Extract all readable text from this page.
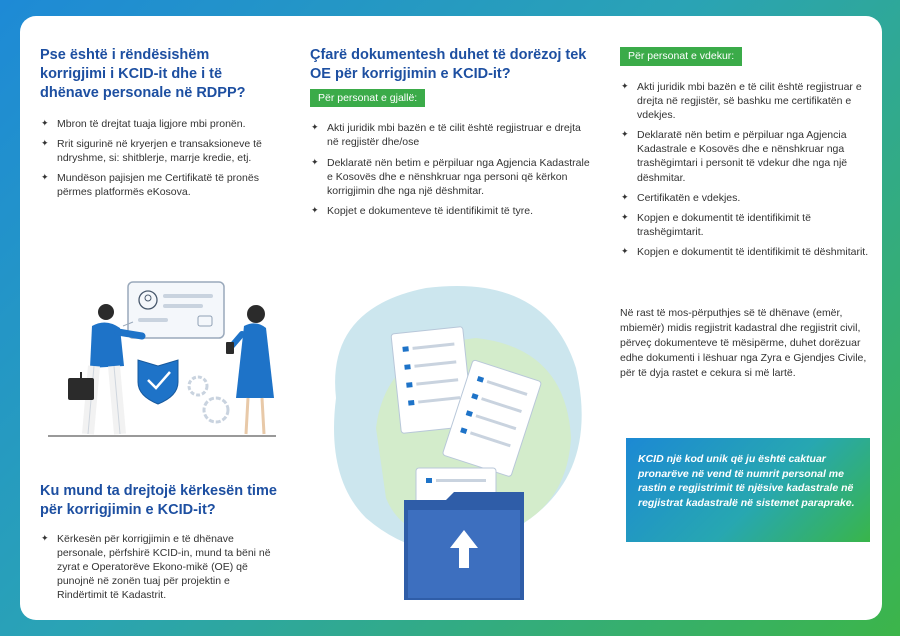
Pse është i rëndësishëm korrigjimi i KCID-it dhe i të dhënave personale në RDPP?
✦ Mbron të drejtat tuaja ligjore mbi pronën.
✦ Rrit sigurinë në kryerjen e transaksioneve të ndryshme, si: shitblerje, marrje kredie, etj.
✦ Mundëson pajisjen me Certifikatë të pronës përmes platformës eKosova.
Çfarë dokumentesh duhet të dorëzoj tek OE për korrigjimin e KCID-it?
Për personat e gjallë:
✦ Akti juridik mbi bazën e të cilit është regjistruar e drejta në regjistër dhe/ose
✦ Deklaratë nën betim e përpiluar nga Agjencia Kadastrale e Kosovës dhe e nënshkruar nga personi që kërkon korrigjimin dhe nga një dëshmitar.
✦ Kopjet e dokumenteve të identifikimit të tyre.
Për personat e vdekur:
✦ Akti juridik mbi bazën e të cilit është regjistruar e drejta në regjistër, së bashku me certifikatën e vdekjes.
✦ Deklaratë nën betim e përpiluar nga Agjencia Kadastrale e Kosovës dhe e nënshkruar nga trashëgimtari i personit të vdekur dhe nga një dëshmitar.
✦ Certifikatën e vdekjes.
✦ Kopjen e dokumentit të identifikimit të trashëgimtarit.
✦ Kopjen e dokumentit të identifikimit të dëshmitarit.

Në rast të mos-përputhjes së të dhënave (emër, mbiemër) midis regjistrit kadastral dhe regjistrit civil, përveç dokumenteve të mësipërme, duhet dorëzuar edhe dokumenti i lëshuar nga Zyra e Gjendjes Civile, për të dyja rastet e cekura si më lartë.

Ku mund ta drejtojë kërkesën time për korrigjimin e KCID-it?
✦ Kërkesën për korrigjimin e të dhënave personale, përfshirë KCID-in, mund ta bëni në zyrat e Operatorëve Ekono-mikë (OE) që punojnë në zonën tuaj për projektin e Rindërtimit të Kadastrit.

KCID një kod unik që ju është caktuar pronarëve në vend të numrit personal me rastin e regjistrimit të njësive kadastrale në regjistrat kadastralë në sistemet paraprake.
